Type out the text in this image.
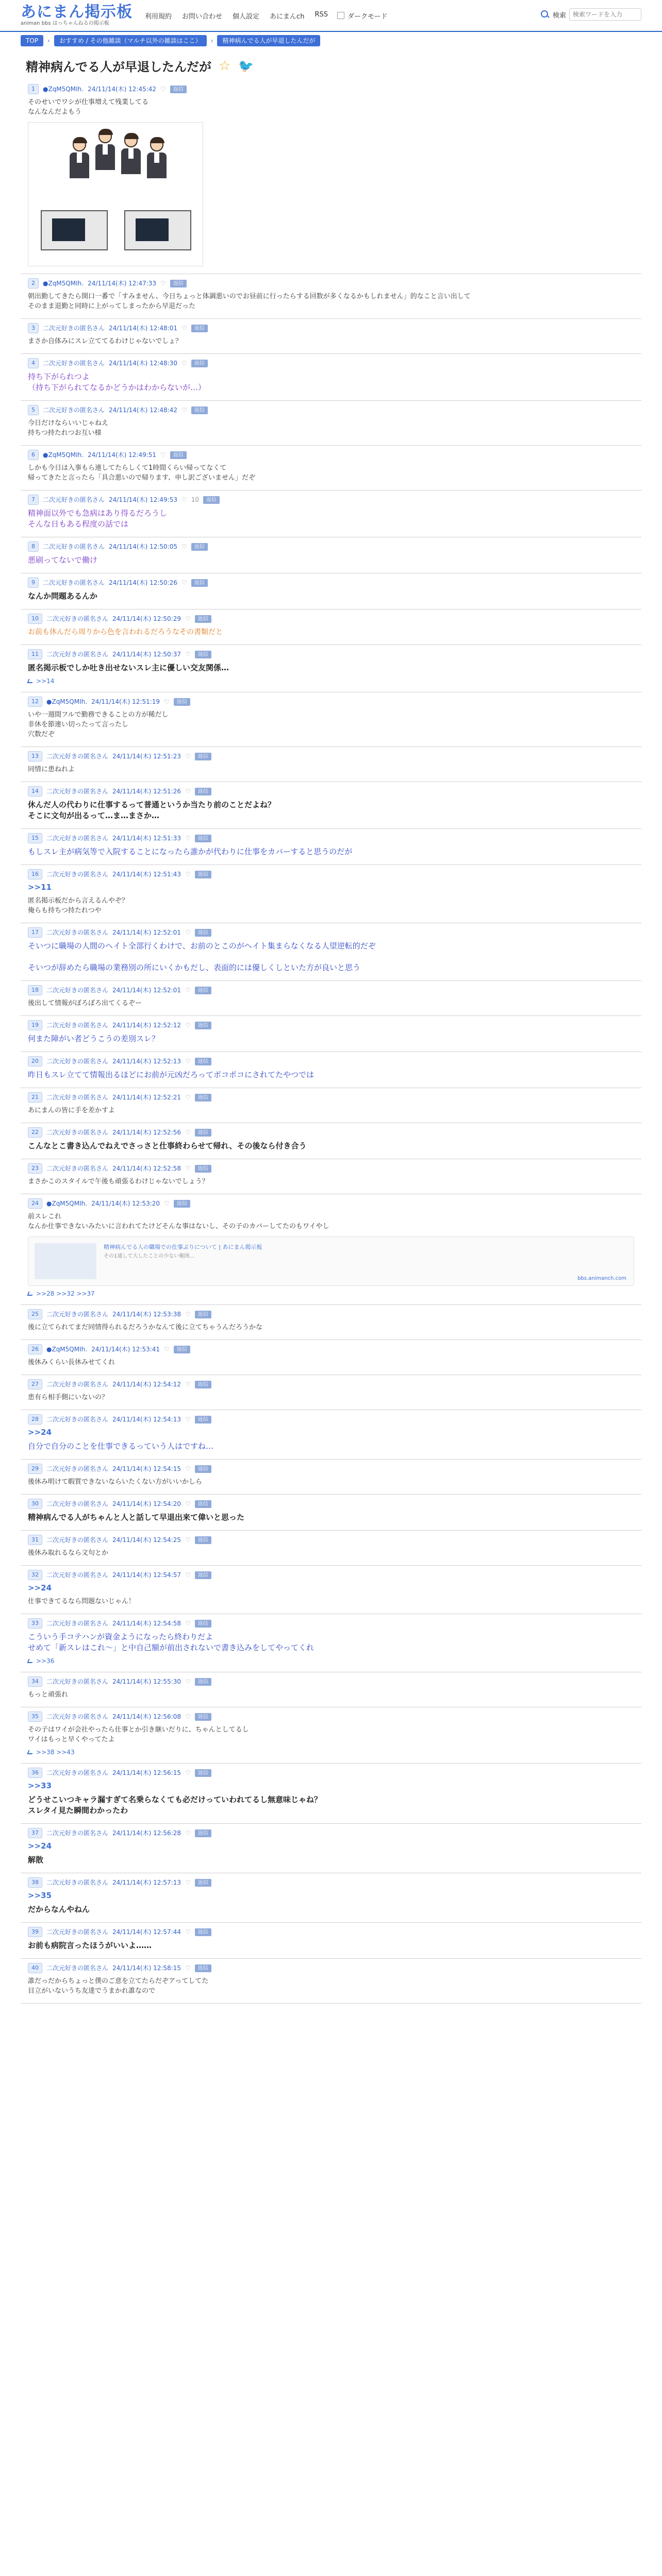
あにまん掲示板
animan bbs はっちゃんねるの掲示板
利用規約 お問い合わせ 個人設定 あにまんch RSS	ダークモード	検索
検索ワードを入力
TOP	›	おすすめ / その他雑談（マルチ以外の雑談はここ）	›	精神病んでる人が早退したんだが
精神病んでる人が早退したんだが ☆ 🐦
1	●ZqM5QMIh. 24/11/14(木) 12:45:42 ♡	返信
そのせいでワシが仕事増えて残業してる
なんなんだよもう
2	●ZqM5QMIh. 24/11/14(木) 12:47:33 ♡	返信
朝出勤してきたら開口一番で「すみません、今日ちょっと体調悪いのでお昼前に行ったらする回数が多くなるかもしれません」的なこと言い出して
そのまま退勤と同時に上がってしまったから早退だった
3	二次元好きの匿名さん 24/11/14(木) 12:48:01 ♡	返信
まさか自体みにスレ立ててるわけじゃないでしょ？
4	二次元好きの匿名さん 24/11/14(木) 12:48:30 ♡	返信
持ち下がられつよ
（持ち下がられてなるかどうかはわからないが…）
5	二次元好きの匿名さん 24/11/14(木) 12:48:42 ♡	返信
今日だけならいいじゃねえ
持ちつ持たれつお互い様
6	●ZqM5QMIh. 24/11/14(木) 12:49:51 ♡	返信
しかも今日は入事もら連してたらしくて1時間くらい帰ってなくて
帰ってきたと言ったら「具合悪いので帰ります、申し訳ございません」だぞ
7	二次元好きの匿名さん 24/11/14(木) 12:49:53 ♡ 10	返信
精神面以外でも急病はあり得るだろうし
そんな日もある程度の話では
8	二次元好きの匿名さん 24/11/14(木) 12:50:05 ♡	返信
悪刷ってないで働け
9	二次元好きの匿名さん 24/11/14(木) 12:50:26 ♡	返信
なんか問題あるんか
10	二次元好きの匿名さん 24/11/14(木) 12:50:29 ♡	返信
お前も休んだら周りから色を言われるだろうなその書類だと
11	二次元好きの匿名さん 24/11/14(木) 12:50:37 ♡	返信
匿名掲示板でしか吐き出せないスレ主に優しい交友関係…
>>14
12	●ZqM5QMIh. 24/11/14(木) 12:51:19 ♡	返信
いや一週間フルで勤務できることの方が稀だし
非休を節連い切ったって言ったし
穴数だぞ
13	二次元好きの匿名さん 24/11/14(木) 12:51:23 ♡	返信
同情に患ねれよ
14	二次元好きの匿名さん 24/11/14(木) 12:51:26 ♡	返信
休んだ人の代わりに仕事するって普通というか当たり前のことだよね？
そこに文句が出るって…ま…まさか…
15	二次元好きの匿名さん 24/11/14(木) 12:51:33 ♡	返信
もしスレ主が病気等で入院することになったら誰かが代わりに仕事をカバーすると思うのだが
16	二次元好きの匿名さん 24/11/14(木) 12:51:43 ♡	返信
>>11
匿名掲示板だから言えるんやぞ？
俺らも持ちつ持たれつや
17	二次元好きの匿名さん 24/11/14(木) 12:52:01 ♡	返信
そいつに職場の人間のヘイト全部行くわけで、お前のとこのがヘイト集まらなくなる人望逆転的だぞ

そいつが辞めたら職場の業務別の所にいくかもだし、表面的には優しくしといた方が良いと思う
18	二次元好きの匿名さん 24/11/14(木) 12:52:01 ♡	返信
後出して情報がぼろぼろ出てくるぞー
19	二次元好きの匿名さん 24/11/14(木) 12:52:12 ♡	返信
何また障がい者どうこうの差別スレ？
20	二次元好きの匿名さん 24/11/14(木) 12:52:13 ♡	返信
昨日もスレ立てて情報出るほどにお前が元凶だろってポコポコにされてたやつでは
21	二次元好きの匿名さん 24/11/14(木) 12:52:21 ♡	返信
あにまんの皆に手を差かすよ
22	二次元好きの匿名さん 24/11/14(木) 12:52:56 ♡	返信
こんなとこ書き込んでねえでさっさと仕事終わらせて帰れ、その後なら付き合う
23	二次元好きの匿名さん 24/11/14(木) 12:52:58 ♡	返信
まさかこのスタイルで午後も頑張るわけじゃないでしょう？
24	●ZqM5QMIh. 24/11/14(木) 12:53:20 ♡	返信
前スレこれ
なんか仕事できないみたいに言われてたけどそんな事はないし、その子のカバーしてたのもワイやし
精神病んでる人の職場での仕事ぶりについて | あにまん掲示板
その1通して大したことの少ない範囲…
bbs.animanch.com
>>28 >>32 >>37
25	二次元好きの匿名さん 24/11/14(木) 12:53:38 ♡	返信
後に立てられてまだ同情得られるだろうかなんて後に立てちゃうんだろうかな
26	●ZqM5QMIh. 24/11/14(木) 12:53:41 ♡	返信
後休みくらい長休みせてくれ
27	二次元好きの匿名さん 24/11/14(木) 12:54:12 ♡	返信
患有ら相手側にいないの？
28	二次元好きの匿名さん 24/11/14(木) 12:54:13 ♡	返信
>>24
自分で自分のことを仕事できるっていう人はですね…
29	二次元好きの匿名さん 24/11/14(木) 12:54:15 ♡	返信
後休み明けて暇質できないならいたくない方がいいかしら
30	二次元好きの匿名さん 24/11/14(木) 12:54:20 ♡	返信
精神病んでる人がちゃんと人と話して早退出来て偉いと思った
31	二次元好きの匿名さん 24/11/14(木) 12:54:25 ♡	返信
後休み取れるなら文句とか
32	二次元好きの匿名さん 24/11/14(木) 12:54:57 ♡	返信
>>24
仕事できてるなら問題ないじゃん！
33	二次元好きの匿名さん 24/11/14(木) 12:54:58 ♡	返信
こういう手コテハンが資金ようになったら終わりだよ
せめて「新スレはこれ～」と中自己額が前出されないで書き込みをしてやってくれ
>>36
34	二次元好きの匿名さん 24/11/14(木) 12:55:30 ♡	返信
もっと頑張れ
35	二次元好きの匿名さん 24/11/14(木) 12:56:08 ♡	返信
その子はワイが会社やったら仕事とか引き継いだりに、ちゃんとしてるし
ワイはもっと早くやってたよ
>>38 >>43
36	二次元好きの匿名さん 24/11/14(木) 12:56:15 ♡	返信
>>33
どうせこいつキャラ漏すぎて名乗らなくても必だけっていわれてるし無意味じゃね？
スレタイ見た瞬間わかったわ
37	二次元好きの匿名さん 24/11/14(木) 12:56:28 ♡	返信
>>24
解散
38	二次元好きの匿名さん 24/11/14(木) 12:57:13 ♡	返信
>>35
だからなんやねん
39	二次元好きの匿名さん 24/11/14(木) 12:57:44 ♡	返信
お前も病院言ったほうがいいよ……
40	二次元好きの匿名さん 24/11/14(木) 12:58:15 ♡	返信
誰だっだからちょっと僕のご意を立てたらだぞアってしてた
目立がいないうち友達でうまかれ誰なので
